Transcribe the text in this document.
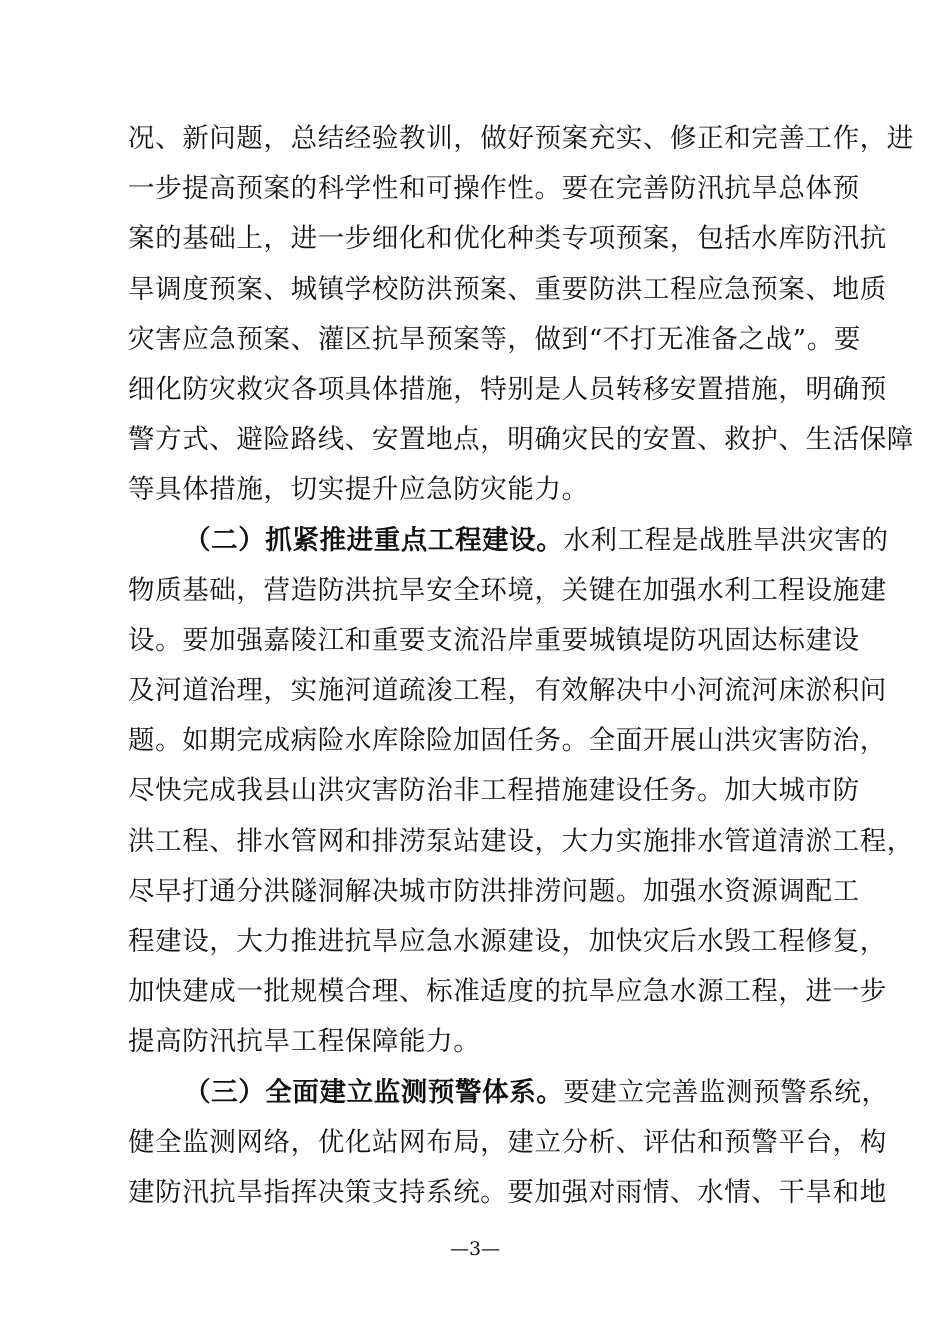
况、新问题，总结经验教训，做好预案充实、修正和完善工作，进
一步提高预案的科学性和可操作性。要在完善防汛抗旱总体预
案的基础上，进一步细化和优化种类专项预案，包括水库防汛抗
旱调度预案、城镇学校防洪预案、重要防洪工程应急预案、地质
灾害应急预案、灌区抗旱预案等，做到“不打无准备之战”。要
细化防灾救灾各项具体措施，特别是人员转移安置措施，明确预
警方式、避险路线、安置地点，明确灾民的安置、救护、生活保障
等具体措施，切实提升应急防灾能力。
（二）抓紧推进重点工程建设。水利工程是战胜旱洪灾害的
物质基础，营造防洪抗旱安全环境，关键在加强水利工程设施建
设。要加强嘉陵江和重要支流沿岸重要城镇堤防巩固达标建设
及河道治理，实施河道疏浚工程，有效解决中小河流河床淤积问
题。如期完成病险水库除险加固任务。全面开展山洪灾害防治，
尽快完成我县山洪灾害防治非工程措施建设任务。加大城市防
洪工程、排水管网和排涝泵站建设，大力实施排水管道清淤工程，
尽早打通分洪隧洞解决城市防洪排涝问题。加强水资源调配工
程建设，大力推进抗旱应急水源建设，加快灾后水毁工程修复，
加快建成一批规模合理、标准适度的抗旱应急水源工程，进一步
提高防汛抗旱工程保障能力。
（三）全面建立监测预警体系。要建立完善监测预警系统，
健全监测网络，优化站网布局，建立分析、评估和预警平台，构
建防汛抗旱指挥决策支持系统。要加强对雨情、水情、干旱和地
—3—
